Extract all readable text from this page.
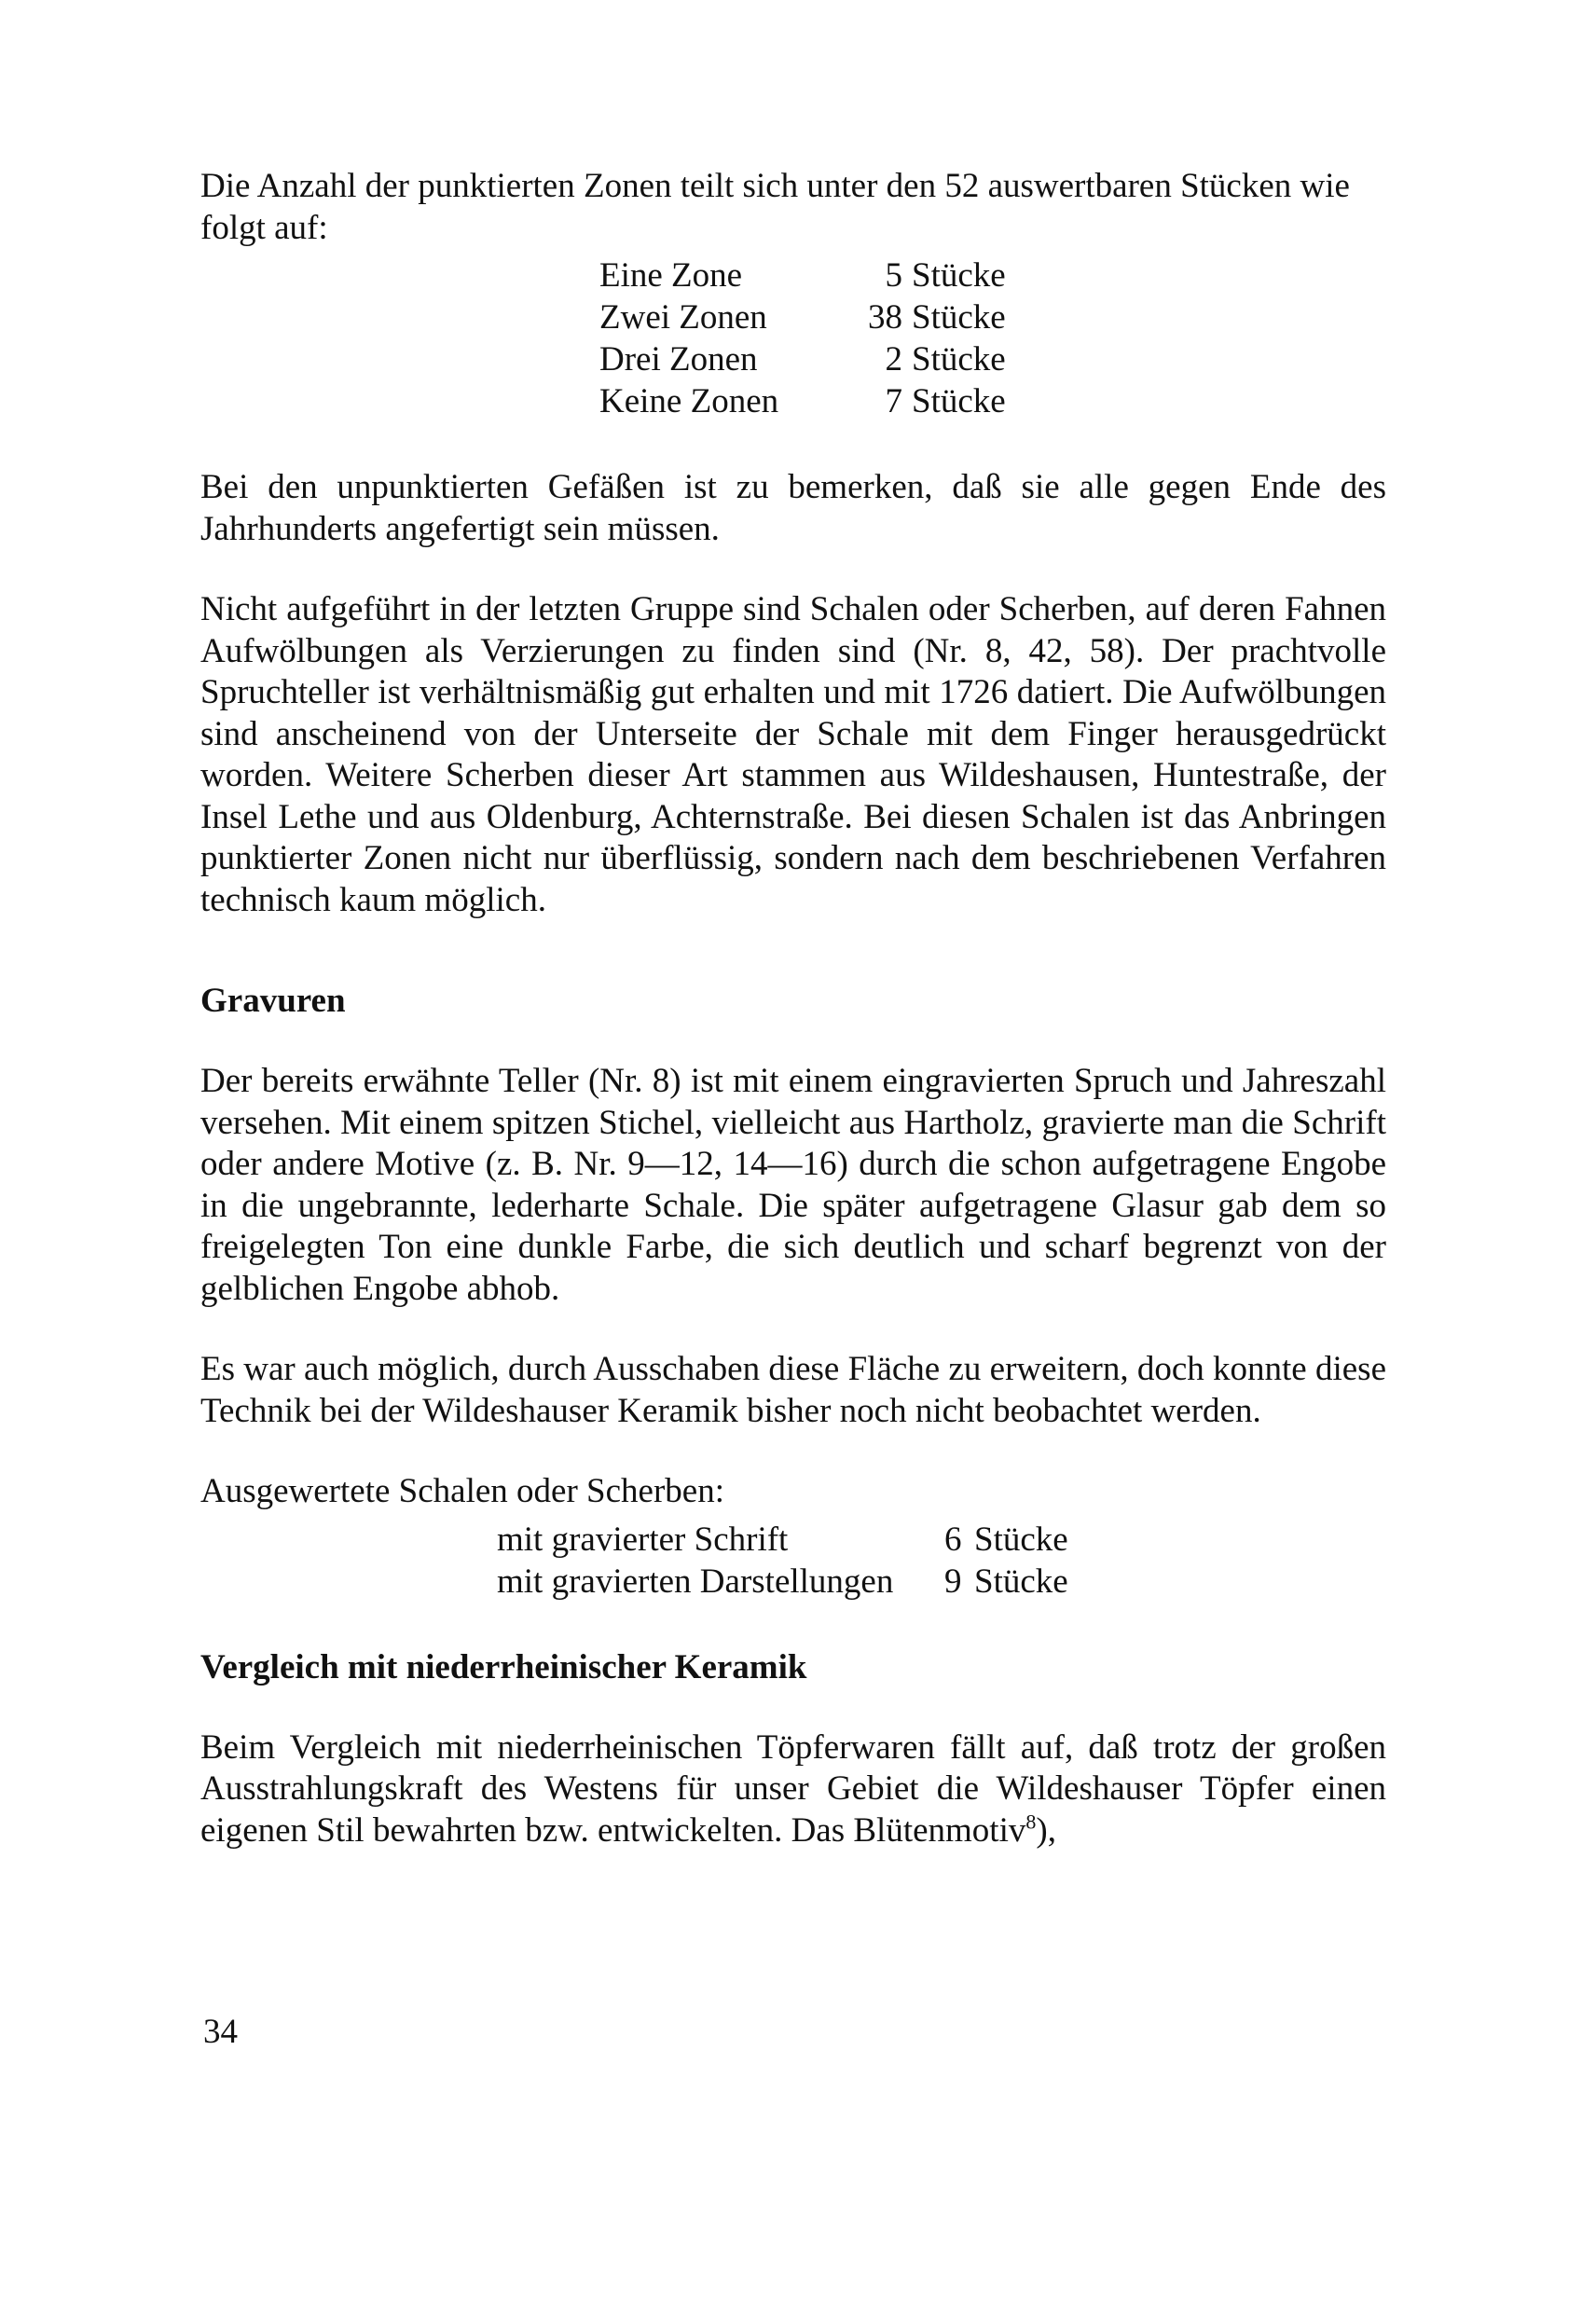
Die Anzahl der punktierten Zonen teilt sich unter den 52 auswertbaren Stücken wie folgt auf:

Eine Zone	5 Stücke
Zwei Zonen	38 Stücke
Drei Zonen	2 Stücke
Keine Zonen	7 Stücke

Bei den unpunktierten Gefäßen ist zu bemerken, daß sie alle gegen Ende des Jahrhunderts angefertigt sein müssen.

Nicht aufgeführt in der letzten Gruppe sind Schalen oder Scherben, auf deren Fahnen Aufwölbungen als Verzierungen zu finden sind (Nr. 8, 42, 58). Der prachtvolle Spruchteller ist verhältnismäßig gut erhalten und mit 1726 datiert. Die Aufwölbungen sind anscheinend von der Unterseite der Schale mit dem Finger herausgedrückt worden. Weitere Scherben dieser Art stammen aus Wildeshausen, Huntestraße, der Insel Lethe und aus Oldenburg, Achternstraße. Bei diesen Schalen ist das Anbringen punktierter Zonen nicht nur überflüssig, sondern nach dem beschriebenen Verfahren technisch kaum möglich.

Gravuren

Der bereits erwähnte Teller (Nr. 8) ist mit einem eingravierten Spruch und Jahreszahl versehen. Mit einem spitzen Stichel, vielleicht aus Hartholz, gravierte man die Schrift oder andere Motive (z. B. Nr. 9—12, 14—16) durch die schon aufgetragene Engobe in die ungebrannte, lederharte Schale. Die später aufgetragene Glasur gab dem so freigelegten Ton eine dunkle Farbe, die sich deutlich und scharf begrenzt von der gelblichen Engobe abhob.

Es war auch möglich, durch Ausschaben diese Fläche zu erweitern, doch konnte diese Technik bei der Wildeshauser Keramik bisher noch nicht beobachtet werden.

Ausgewertete Schalen oder Scherben:

mit gravierter Schrift	6 Stücke
mit gravierten Darstellungen	9 Stücke
Vergleich mit niederrheinischer Keramik

Beim Vergleich mit niederrheinischen Töpferwaren fällt auf, daß trotz der großen Ausstrahlungskraft des Westens für unser Gebiet die Wildeshauser Töpfer einen eigenen Stil bewahrten bzw. entwickelten. Das Blütenmotiv$^8$),

34
